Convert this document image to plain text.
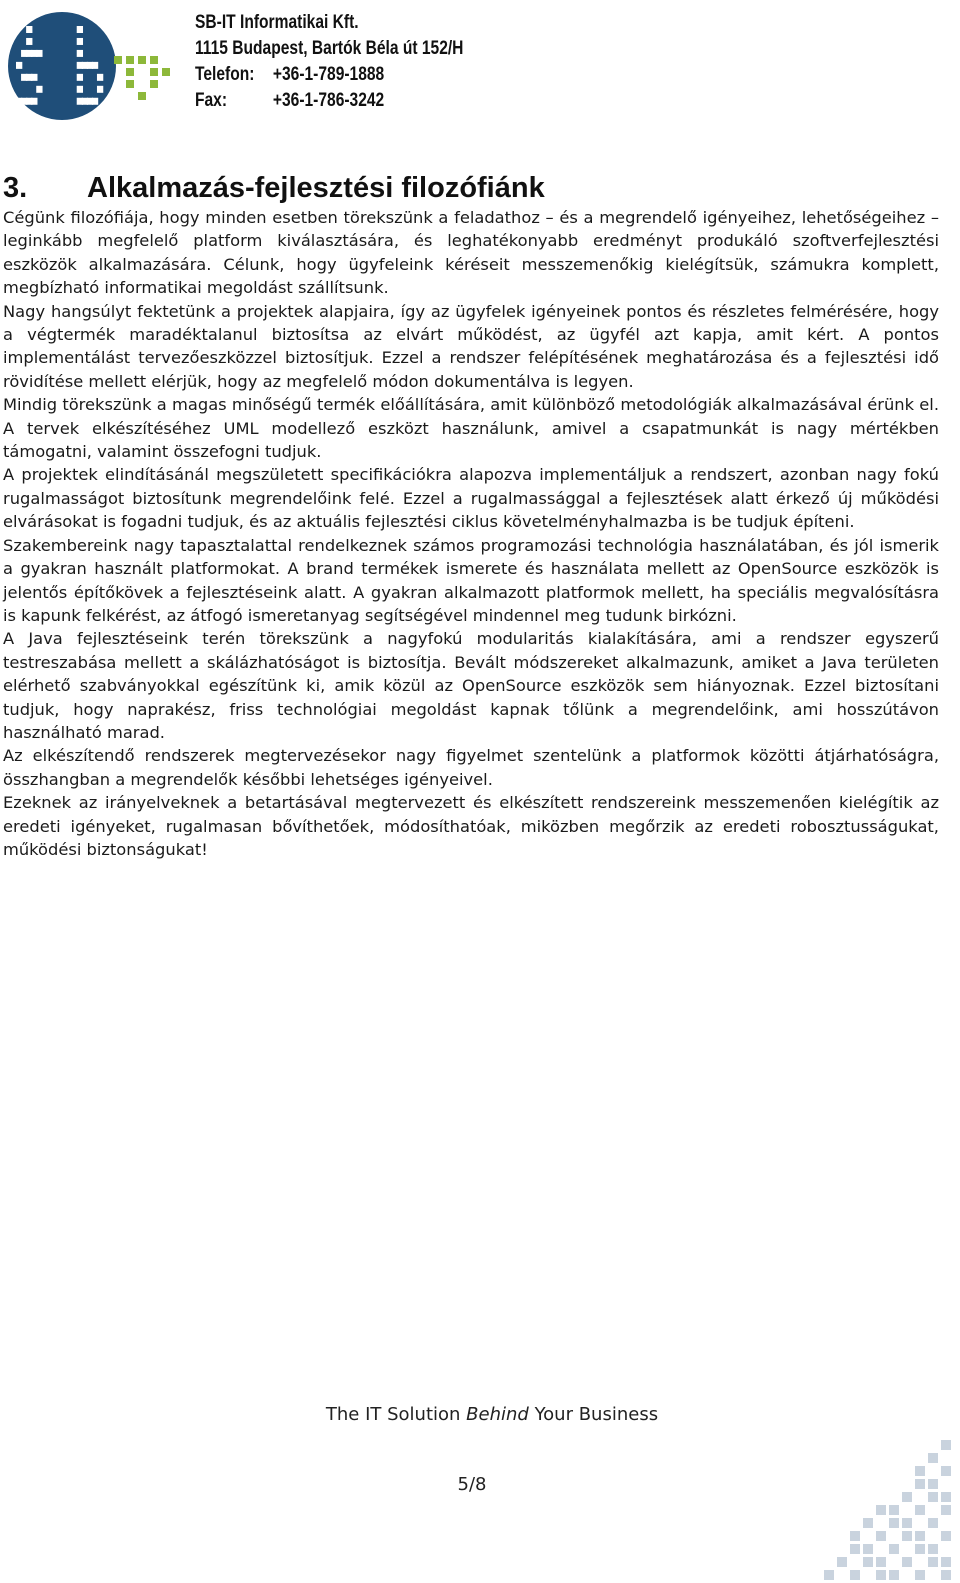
SB-IT Informatikai Kft.
1115 Budapest, Bartók Béla út 152/H
Telefon: +36-1-789-1888
Fax: +36-1-786-3242
3. Alkalmazás-fejlesztési filozófiánk

Cégünk filozófiája, hogy minden esetben törekszünk a feladathoz – és a megrendelő igényeihez, lehetőségeihez – leginkább megfelelő platform kiválasztására, és leghatékonyabb eredményt produkáló szoftverfejlesztési eszközök alkalmazására. Célunk, hogy ügyfeleink kéréseit messzemenőkig kielégítsük, számukra komplett, megbízható informatikai megoldást szállítsunk.

Nagy hangsúlyt fektetünk a projektek alapjaira, így az ügyfelek igényeinek pontos és részletes felmérésére, hogy a végtermék maradéktalanul biztosítsa az elvárt működést, az ügyfél azt kapja, amit kért. A pontos implementálást tervezőeszközzel biztosítjuk. Ezzel a rendszer felépítésének meghatározása és a fejlesztési idő rövidítése mellett elérjük, hogy az megfelelő módon dokumentálva is legyen.

Mindig törekszünk a magas minőségű termék előállítására, amit különböző metodológiák alkalmazásával érünk el. A tervek elkészítéséhez UML modellező eszközt használunk, amivel a csapatmunkát is nagy mértékben támogatni, valamint összefogni tudjuk.

A projektek elindításánál megszületett specifikációkra alapozva implementáljuk a rendszert, azonban nagy fokú rugalmasságot biztosítunk megrendelőink felé. Ezzel a rugalmassággal a fejlesztések alatt érkező új működési elvárásokat is fogadni tudjuk, és az aktuális fejlesztési ciklus követelményhalmazba is be tudjuk építeni.

Szakembereink nagy tapasztalattal rendelkeznek számos programozási technológia használatában, és jól ismerik a gyakran használt platformokat. A brand termékek ismerete és használata mellett az OpenSource eszközök is jelentős építőkövek a fejlesztéseink alatt. A gyakran alkalmazott platformok mellett, ha speciális megvalósításra is kapunk felkérést, az átfogó ismeretanyag segítségével mindennel meg tudunk birkózni.

A Java fejlesztéseink terén törekszünk a nagyfokú modularitás kialakítására, ami a rendszer egyszerű testreszabása mellett a skálázhatóságot is biztosítja. Bevált módszereket alkalmazunk, amiket a Java területen elérhető szabványokkal egészítünk ki, amik közül az OpenSource eszközök sem hiányoznak. Ezzel biztosítani tudjuk, hogy naprakész, friss technológiai megoldást kapnak tőlünk a megrendelőink, ami hosszútávon használható marad.

Az elkészítendő rendszerek megtervezésekor nagy figyelmet szentelünk a platformok közötti átjárhatóságra, összhangban a megrendelők későbbi lehetséges igényeivel.

Ezeknek az irányelveknek a betartásával megtervezett és elkészített rendszereink messzemenően kielégítik az eredeti igényeket, rugalmasan bővíthetőek, módosíthatóak, miközben megőrzik az eredeti robosztusságukat, működési biztonságukat!

The IT Solution Behind Your Business
5/8
